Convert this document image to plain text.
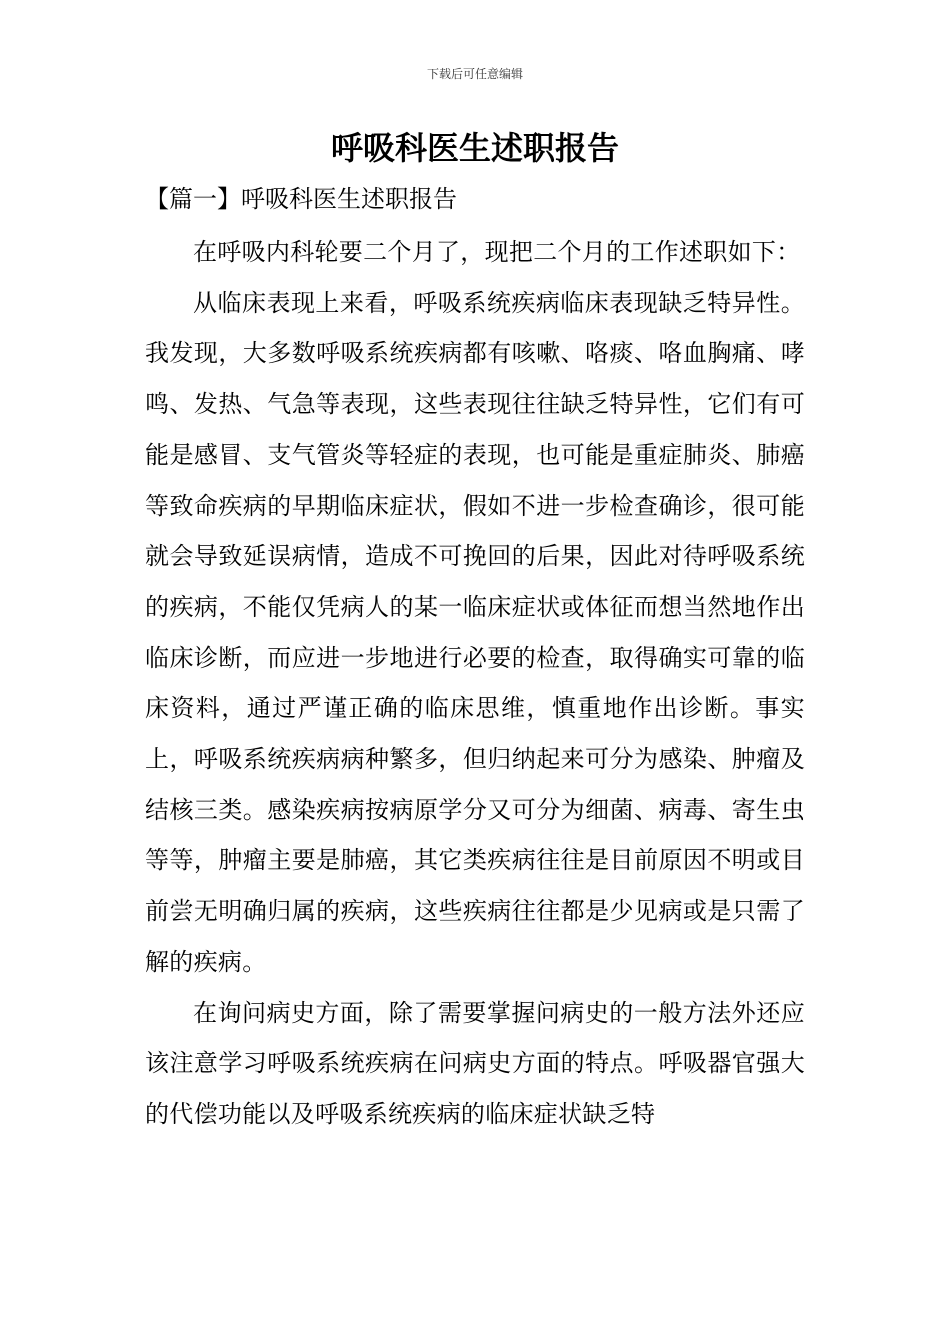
下载后可任意编辑
呼吸科医生述职报告
【篇一】呼吸科医生述职报告

在呼吸内科轮要二个月了，现把二个月的工作述职如下：

从临床表现上来看，呼吸系统疾病临床表现缺乏特异性。我发现，大多数呼吸系统疾病都有咳嗽、咯痰、咯血胸痛、哮鸣、发热、气急等表现，这些表现往往缺乏特异性，它们有可能是感冒、支气管炎等轻症的表现，也可能是重症肺炎、肺癌等致命疾病的早期临床症状，假如不进一步检查确诊，很可能就会导致延误病情，造成不可挽回的后果，因此对待呼吸系统的疾病，不能仅凭病人的某一临床症状或体征而想当然地作出临床诊断，而应进一步地进行必要的检查，取得确实可靠的临床资料，通过严谨正确的临床思维，慎重地作出诊断。事实上，呼吸系统疾病病种繁多，但归纳起来可分为感染、肿瘤及结核三类。感染疾病按病原学分又可分为细菌、病毒、寄生虫等等，肿瘤主要是肺癌，其它类疾病往往是目前原因不明或目前尝无明确归属的疾病，这些疾病往往都是少见病或是只需了解的疾病。

在询问病史方面，除了需要掌握问病史的一般方法外还应该注意学习呼吸系统疾病在问病史方面的特点。呼吸器官强大的代偿功能以及呼吸系统疾病的临床症状缺乏特
